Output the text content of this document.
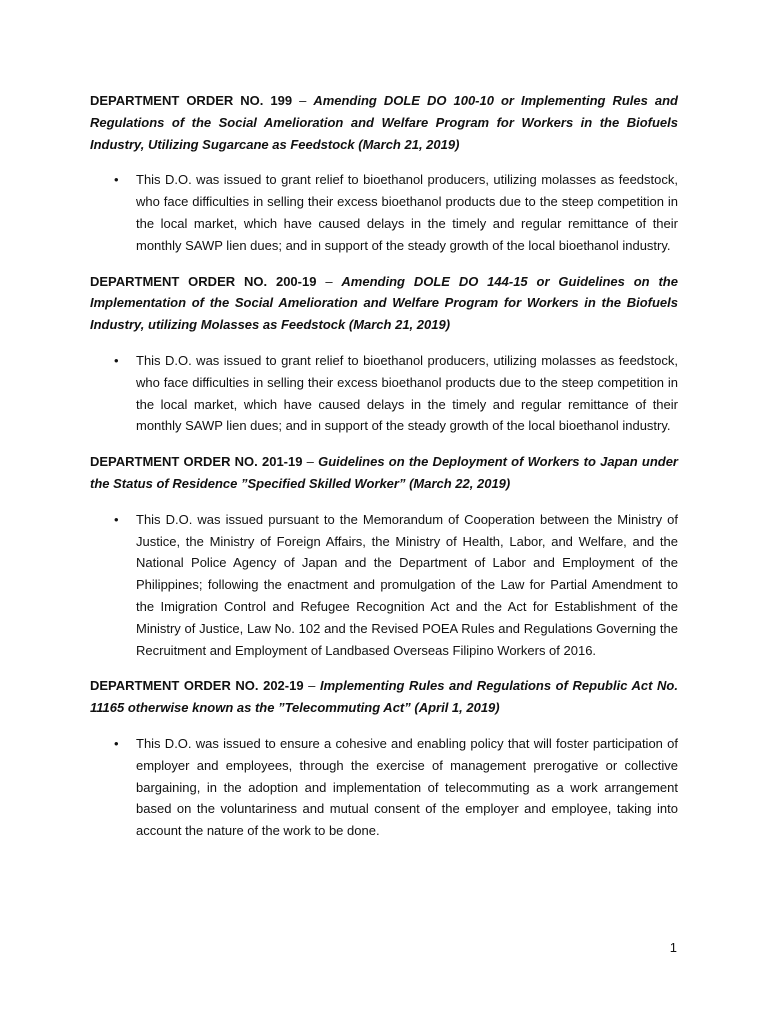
DEPARTMENT ORDER NO. 199 – Amending DOLE DO 100-10 or Implementing Rules and Regulations of the Social Amelioration and Welfare Program for Workers in the Biofuels Industry, Utilizing Sugarcane as Feedstock (March 21, 2019)

• This D.O. was issued to grant relief to bioethanol producers, utilizing molasses as feedstock, who face difficulties in selling their excess bioethanol products due to the steep competition in the local market, which have caused delays in the timely and regular remittance of their monthly SAWP lien dues; and in support of the steady growth of the local bioethanol industry.

DEPARTMENT ORDER NO. 200-19 – Amending DOLE DO 144-15 or Guidelines on the Implementation of the Social Amelioration and Welfare Program for Workers in the Biofuels Industry, utilizing Molasses as Feedstock (March 21, 2019)

• This D.O. was issued to grant relief to bioethanol producers, utilizing molasses as feedstock, who face difficulties in selling their excess bioethanol products due to the steep competition in the local market, which have caused delays in the timely and regular remittance of their monthly SAWP lien dues; and in support of the steady growth of the local bioethanol industry.

DEPARTMENT ORDER NO. 201-19 – Guidelines on the Deployment of Workers to Japan under the Status of Residence ”Specified Skilled Worker” (March 22, 2019)

• This D.O. was issued pursuant to the Memorandum of Cooperation between the Ministry of Justice, the Ministry of Foreign Affairs, the Ministry of Health, Labor, and Welfare, and the National Police Agency of Japan and the Department of Labor and Employment of the Philippines; following the enactment and promulgation of the Law for Partial Amendment to the Imigration Control and Refugee Recognition Act and the Act for Establishment of the Ministry of Justice, Law No. 102 and the Revised POEA Rules and Regulations Governing the Recruitment and Employment of Landbased Overseas Filipino Workers of 2016.

DEPARTMENT ORDER NO. 202-19 – Implementing Rules and Regulations of Republic Act No. 11165 otherwise known as the ”Telecommuting Act” (April 1, 2019)

• This D.O. was issued to ensure a cohesive and enabling policy that will foster participation of employer and employees, through the exercise of management prerogative or collective bargaining, in the adoption and implementation of telecommuting as a work arrangement based on the voluntariness and mutual consent of the employer and employee, taking into account the nature of the work to be done.
1
